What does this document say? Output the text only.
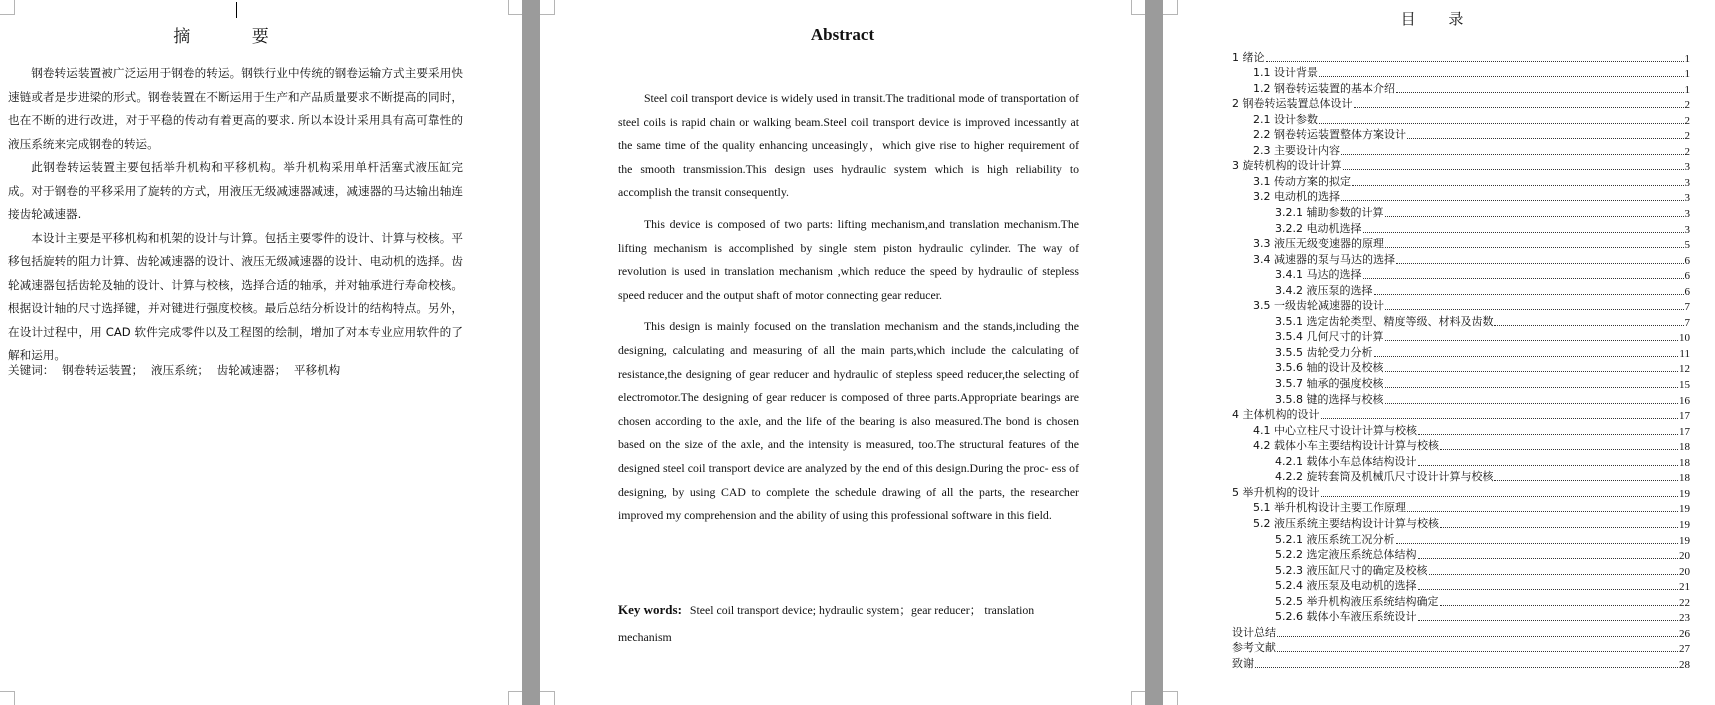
摘 要

钢卷转运装置被广泛运用于钢卷的转运。钢铁行业中传统的钢卷运输方式主要采用快速链或者是步进梁的形式。钢卷装置在不断运用于生产和产品质量要求不断提高的同时，也在不断的进行改进，对于平稳的传动有着更高的要求. 所以本设计采用具有高可靠性的液压系统来完成钢卷的转运。

此钢卷转运装置主要包括举升机构和平移机构。举升机构采用单杆活塞式液压缸完成。对于钢卷的平移采用了旋转的方式，用液压无级减速器减速，减速器的马达输出轴连接齿轮减速器.

本设计主要是平移机构和机架的设计与计算。包括主要零件的设计、计算与校核。平移包括旋转的阻力计算、齿轮减速器的设计、液压无级减速器的设计、电动机的选择。齿轮减速器包括齿轮及轴的设计、计算与校核，选择合适的轴承，并对轴承进行寿命校核。根据设计轴的尺寸选择键，并对键进行强度校核。最后总结分析设计的结构特点。另外，在设计过程中，用 CAD 软件完成零件以及工程图的绘制，增加了对本专业应用软件的了解和运用。

关键词： 钢卷转运装置； 液压系统； 齿轮减速器； 平移机构
Abstract

Steel coil transport device is widely used in transit.The traditional mode of transportation of steel coils is rapid chain or walking beam.Steel coil transport device is improved incessantly at the same time of the quality enhancing unceasingly，which give rise to higher requirement of the smooth transmission.This design uses hydraulic system which is high reliability to accomplish the transit consequently.

This device is composed of two parts: lifting mechanism,and translation mechanism.The lifting mechanism is accomplished by single stem piston hydraulic cylinder. The way of revolution is used in translation mechanism ,which reduce the speed by hydraulic of stepless speed reducer and the output shaft of motor connecting gear reducer.

This design is mainly focused on the translation mechanism and the stands,including the designing, calculating and measuring of all the main parts,which include the calculating of resistance,the designing of gear reducer and hydraulic of stepless speed reducer,the selecting of electromotor.The designing of gear reducer is composed of three parts.Appropriate bearings are chosen according to the axle, and the life of the bearing is also measured.The bond is chosen based on the size of the axle, and the intensity is measured, too.The structural features of the designed steel coil transport device are analyzed by the end of this design.During the proc- ess of designing, by using CAD to complete the schedule drawing of all the parts, the researcher improved my comprehension and the ability of using this professional software in this field.

Key words: Steel coil transport device; hydraulic system；gear reducer； translation mechanism
目 录
1 绪论	1
1.1 设计背景	1
1.2 钢卷转运装置的基本介绍	1
2 钢卷转运装置总体设计	2
2.1 设计参数	2
2.2 钢卷转运装置整体方案设计	2
2.3 主要设计内容	2
3 旋转机构的设计计算	3
3.1 传动方案的拟定	3
3.2 电动机的选择	3
3.2.1 辅助参数的计算	3
3.2.2 电动机选择	3
3.3 液压无级变速器的原理	5
3.4 减速器的泵与马达的选择	6
3.4.1 马达的选择	6
3.4.2 液压泵的选择	6
3.5 一级齿轮减速器的设计	7
3.5.1 选定齿轮类型、精度等级、材料及齿数	7
3.5.4 几何尺寸的计算	10
3.5.5 齿轮受力分析	11
3.5.6 轴的设计及校核	12
3.5.7 轴承的强度校核	15
3.5.8 键的选择与校核	16
4 主体机构的设计	17
4.1 中心立柱尺寸设计计算与校核	17
4.2 载体小车主要结构设计计算与校核	18
4.2.1 载体小车总体结构设计	18
4.2.2 旋转套筒及机械爪尺寸设计计算与校核	18
5 举升机构的设计	19
5.1 举升机构设计主要工作原理	19
5.2 液压系统主要结构设计计算与校核	19
5.2.1 液压系统工况分析	19
5.2.2 选定液压系统总体结构	20
5.2.3 液压缸尺寸的确定及校核	20
5.2.4 液压泵及电动机的选择	21
5.2.5 举升机构液压系统结构确定	22
5.2.6 载体小车液压系统设计	23
设计总结	26
参考文献	27
致谢	28
